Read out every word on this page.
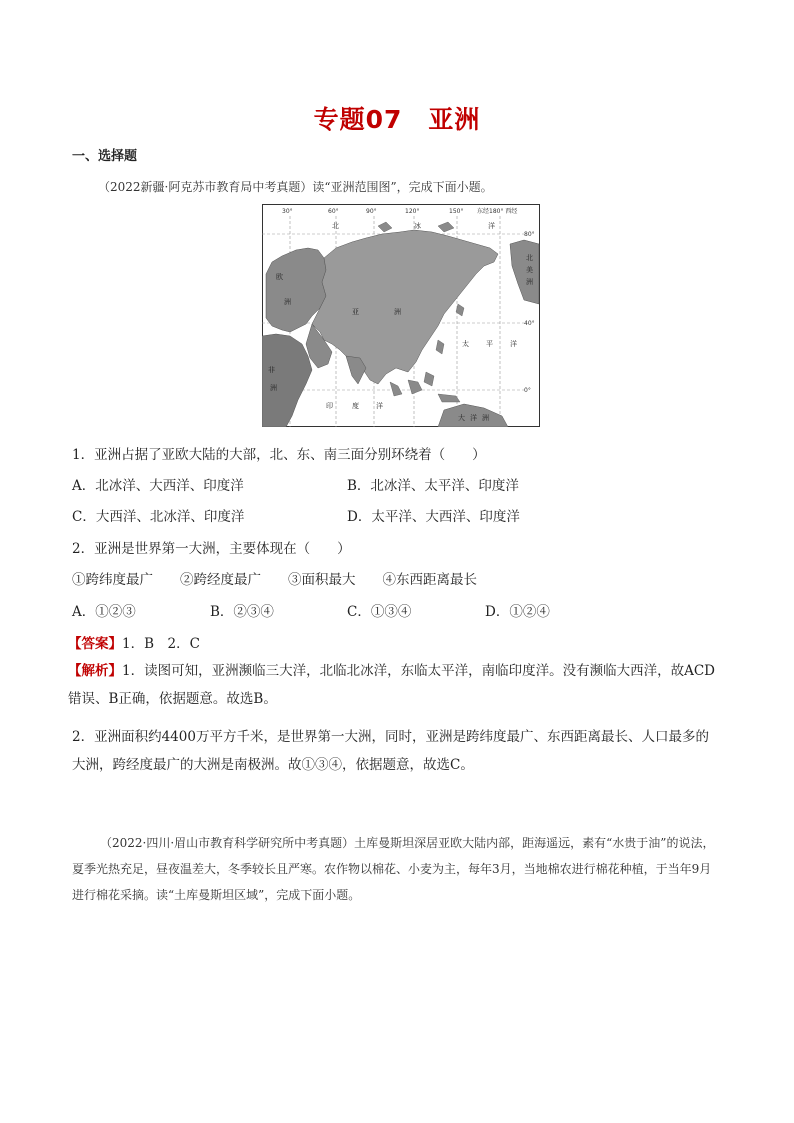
专题07 亚洲
一、选择题
（2022新疆·阿克苏市教育局中考真题）读“亚洲范围图”，完成下面小题。
30°	60°	90°	120°	150° 东经180° 西经
80°
40°
0°
北	冰	洋
欧
洲
亚	洲
太 平 洋
非
洲
印	度 洋
大 洋 洲
北
美
洲
1．亚洲占据了亚欧大陆的大部，北、东、南三面分别环绕着（　　）
A．北冰洋、大西洋、印度洋	B．北冰洋、太平洋、印度洋
C．大西洋、北冰洋、印度洋	D．太平洋、大西洋、印度洋
2．亚洲是世界第一大洲，主要体现在（　　）
①跨纬度最广　　②跨经度最广　　③面积最大　　④东西距离最长
A．①②③	B．②③④	C．①③④	D．①②④
【答案】1．B　2．C
【解析】1．读图可知，亚洲濒临三大洋，北临北冰洋，东临太平洋，南临印度洋。没有濒临大西洋，故ACD错误、B正确，依据题意。故选B。
2．亚洲面积约4400万平方千米，是世界第一大洲，同时，亚洲是跨纬度最广、东西距离最长、人口最多的大洲，跨经度最广的大洲是南极洲。故①③④，依据题意，故选C。
（2022·四川·眉山市教育科学研究所中考真题）土库曼斯坦深居亚欧大陆内部，距海遥远，素有“水贵于油”的说法，夏季光热充足，昼夜温差大，冬季较长且严寒。农作物以棉花、小麦为主，每年3月，当地棉农进行棉花种植，于当年9月进行棉花采摘。读“土库曼斯坦区域”，完成下面小题。
